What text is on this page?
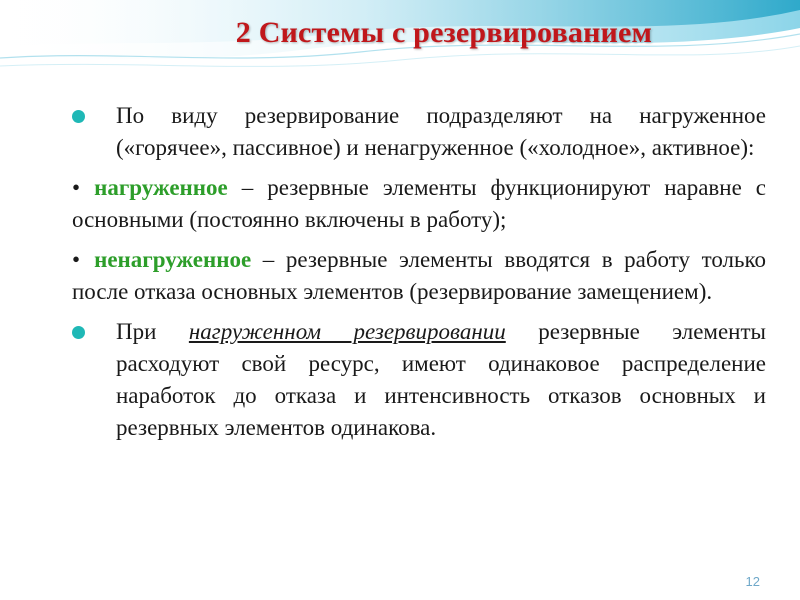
2 Системы с резервированием
По виду резервирование подразделяют на нагруженное («горячее», пассивное) и ненагруженное («холодное», активное):
• нагруженное – резервные элементы функционируют наравне с основными (постоянно включены в работу);
• ненагруженное – резервные элементы вводятся в работу только после отказа основных элементов (резервирование замещением).
При нагруженном резервировании резервные элементы расходуют свой ресурс, имеют одинаковое распределение наработок до отказа и интенсивность отказов основных и резервных элементов одинакова.
12
